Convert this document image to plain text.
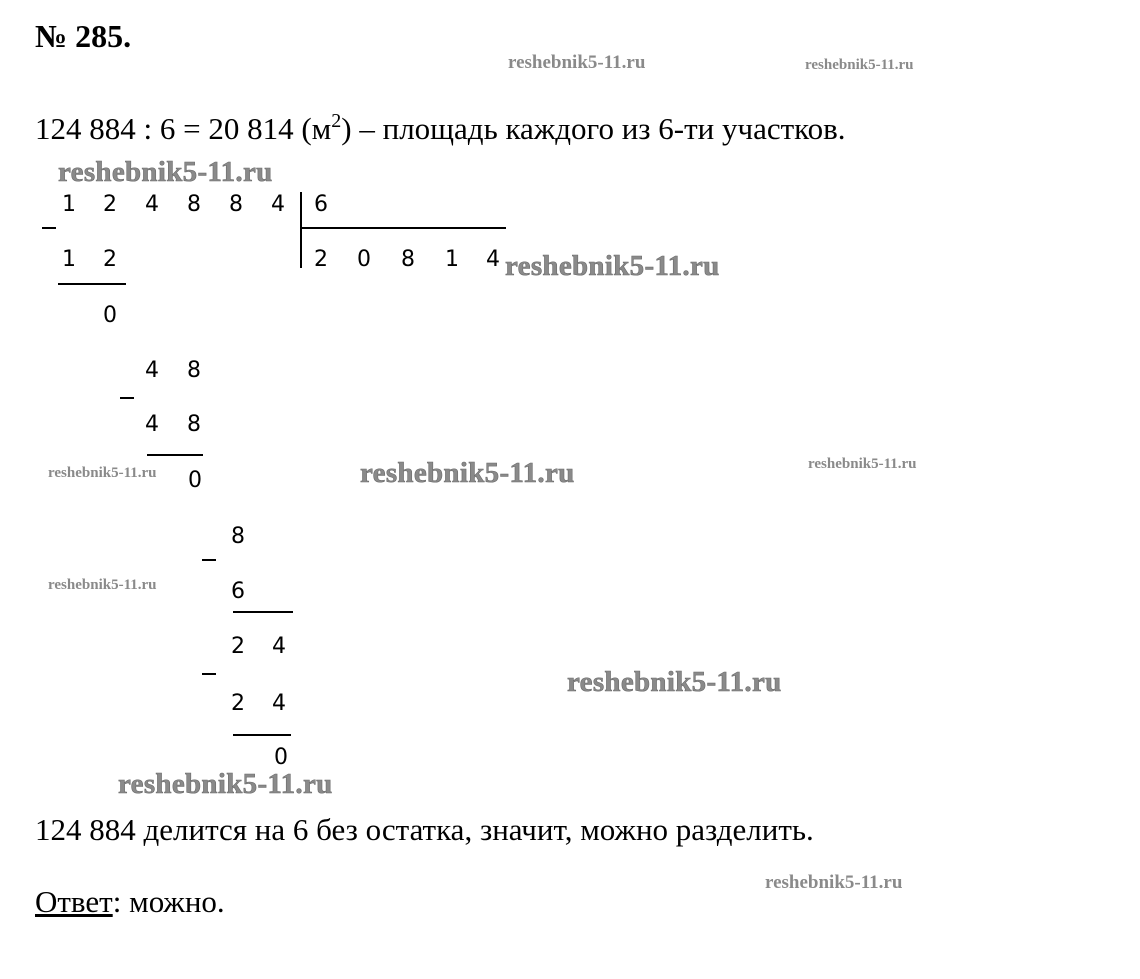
№ 285.
reshebnik5-11.ru	reshebnik5-11.ru
124 884 : 6 = 20 814 $(м^2)$ – площадь каждого из 6-ти участков.
reshebnik5-11.ru
1 2 4 8 8 4 6
2 0 8 1 4
1 2
0
4 8
4 8
0
8
6
2 4
2 4
0
reshebnik5-11.ru
reshebnik5-11.ru	reshebnik5-11.ru	reshebnik5-11.ru
reshebnik5-11.ru
reshebnik5-11.ru
reshebnik5-11.ru
124 884 делится на 6 без остатка, значит, можно разделить.
Ответ: можно.
reshebnik5-11.ru
